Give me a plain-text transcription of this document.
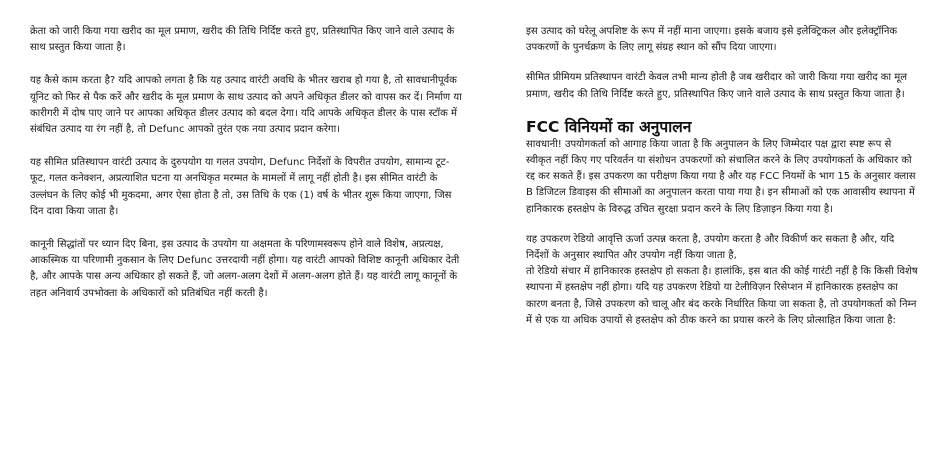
क्रेता को जारी किया गया खरीद का मूल प्रमाण, खरीद की तिथि निर्दिष्ट करते हुए, प्रतिस्थापित किए जाने वाले उत्पाद के साथ प्रस्तुत किया जाता है।

यह कैसे काम करता है? यदि आपको लगता है कि यह उत्पाद वारंटी अवधि के भीतर खराब हो गया है, तो सावधानीपूर्वक यूनिट को फिर से पैक करें और खरीद के मूल प्रमाण के साथ उत्पाद को अपने अधिकृत डीलर को वापस कर दें। निर्माण या कारीगरी में दोष पाए जाने पर आपका अधिकृत डीलर उत्पाद को बदल देगा। यदि आपके अधिकृत डीलर के पास स्टॉक में संबंधित उत्पाद या रंग नहीं है, तो Defunc आपको तुरंत एक नया उत्पाद प्रदान करेगा।

यह सीमित प्रतिस्थापन वारंटी उत्पाद के दुरुपयोग या गलत उपयोग, Defunc निर्देशों के विपरीत उपयोग, सामान्य टूट-फूट, गलत कनेक्शन, अप्रत्याशित घटना या अनधिकृत मरम्मत के मामलों में लागू नहीं होती है। इस सीमित वारंटी के उल्लंघन के लिए कोई भी मुकदमा, अगर ऐसा होता है तो, उस तिथि के एक (1) वर्ष के भीतर शुरू किया जाएगा, जिस दिन दावा किया जाता है।

कानूनी सिद्धांतों पर ध्यान दिए बिना, इस उत्पाद के उपयोग या अक्षमता के परिणामस्वरूप होने वाले विशेष, अप्रत्यक्ष, आकस्मिक या परिणामी नुकसान के लिए Defunc उत्तरदायी नहीं होगा। यह वारंटी आपको विशिष्ट कानूनी अधिकार देती है, और आपके पास अन्य अधिकार हो सकते हैं, जो अलग-अलग देशों में अलग-अलग होते हैं। यह वारंटी लागू कानूनों के तहत अनिवार्य उपभोक्ता के अधिकारों को प्रतिबंधित नहीं करती है।

इस उत्पाद को घरेलू अपशिष्ट के रूप में नहीं माना जाएगा। इसके बजाय इसे इलेक्ट्रिकल और इलेक्ट्रॉनिक उपकरणों के पुनर्चक्रण के लिए लागू संग्रह स्थान को सौंप दिया जाएगा।

सीमित प्रीमियम प्रतिस्थापन वारंटी केवल तभी मान्य होती है जब खरीदार को जारी किया गया खरीद का मूल प्रमाण, खरीद की तिथि निर्दिष्ट करते हुए, प्रतिस्थापित किए जाने वाले उत्पाद के साथ प्रस्तुत किया जाता है।

FCC विनियमों का अनुपालन

सावधानी! उपयोगकर्ता को आगाह किया जाता है कि अनुपालन के लिए जिम्मेदार पक्ष द्वारा स्पष्ट रूप से स्वीकृत नहीं किए गए परिवर्तन या संशोधन उपकरणों को संचालित करने के लिए उपयोगकर्ता के अधिकार को रद्द कर सकते हैं। इस उपकरण का परीक्षण किया गया है और यह FCC नियमों के भाग 15 के अनुसार क्लास B डिजिटल डिवाइस की सीमाओं का अनुपालन करता पाया गया है। इन सीमाओं को एक आवासीय स्थापना में हानिकारक हस्तक्षेप के विरुद्ध उचित सुरक्षा प्रदान करने के लिए डिज़ाइन किया गया है।

यह उपकरण रेडियो आवृत्ति ऊर्जा उत्पन्न करता है, उपयोग करता है और विकीर्ण कर सकता है और, यदि निर्देशों के अनुसार स्थापित और उपयोग नहीं किया जाता है,

तो रेडियो संचार में हानिकारक हस्तक्षेप हो सकता है। हालांकि, इस बात की कोई गारंटी नहीं है कि किसी विशेष स्थापना में हस्तक्षेप नहीं होगा। यदि यह उपकरण रेडियो या टेलीविज़न रिसेप्शन में हानिकारक हस्तक्षेप का कारण बनता है, जिसे उपकरण को चालू और बंद करके निर्धारित किया जा सकता है, तो उपयोगकर्ता को निम्न में से एक या अधिक उपायों से हस्तक्षेप को ठीक करने का प्रयास करने के लिए प्रोत्साहित किया जाता है:
